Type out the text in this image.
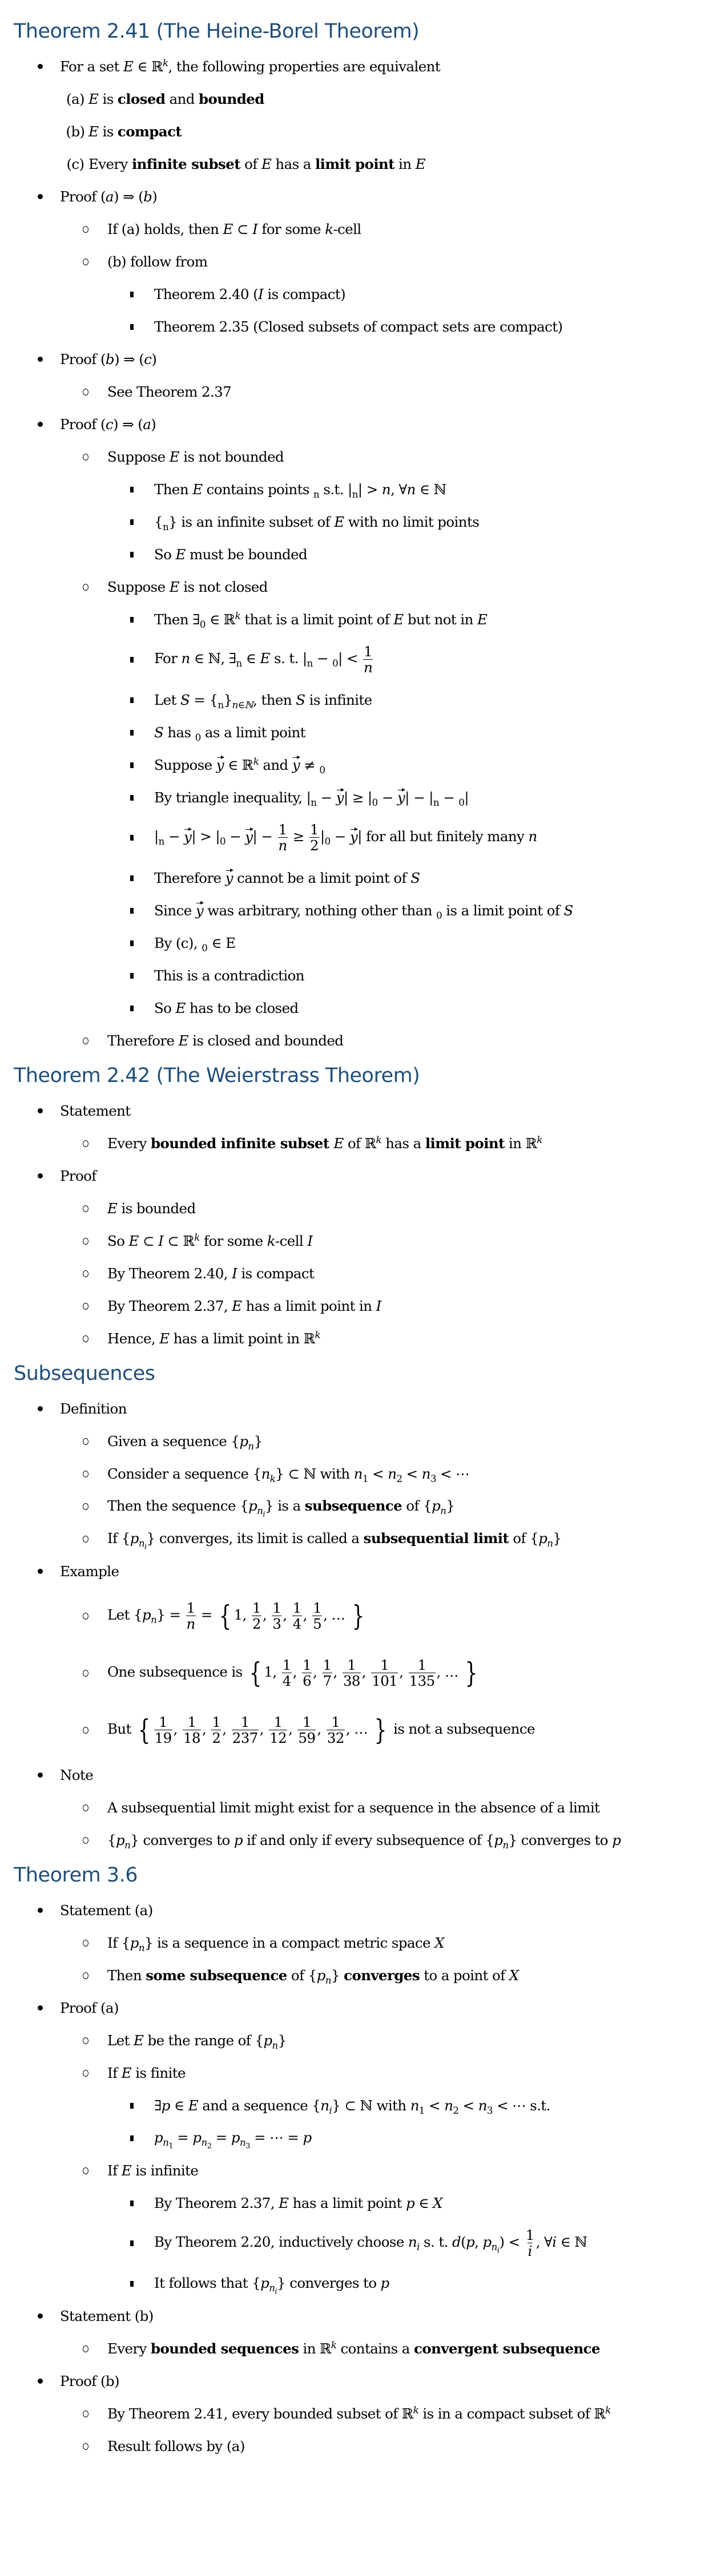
Theorem 2.41 (The Heine-Borel Theorem)
For a set E ∈ ℝ$^k$, the following properties are equivalent
(a) E is closed and bounded
(b) E is compact
(c) Every infinite subset of E has a limit point in E
Proof (a) ⇒ (b)
If (a) holds, then E ⊂ I for some k-cell
(b) follow from
Theorem 2.40 (I is compact)
Theorem 2.35 (Closed subsets of compact sets are compact)
Proof (b) ⇒ (c)
See Theorem 2.37
Proof (c) ⇒ (a)
Suppose E is not bounded
Then E contains points $_n$ s.t. $|_n| > n$, ∀n ∈ ℕ
$\{_n\}$ is an infinite subset of E with no limit points
So E must be bounded
Suppose E is not closed
Then $\exists_0$ ∈ ℝ$^k$ that is a limit point of E but not in E
For n ∈ ℕ, $\exists_n$ ∈ E s. t. $|_n - _0| < \frac{1}{n}$
Let $S = \{_n\}_{n\in ℕ}$, then S is infinite
S has $_0$ as a limit point
Suppose y ∈ ℝ$^k$ and y ≠ $_0$
By triangle inequality, $|_n - y| \ge |_0 - y| - |_n - _0|$
$|_n - y| > |_0 - y| - \frac{1}{n} \ge \frac{1}{2} |_0 - y|$ for all but finitely many n
Therefore y cannot be a limit point of S
Since y was arbitrary, nothing other than $_0$ is a limit point of S
By (c), $_0$ ∈ E
This is a contradiction
So E has to be closed
Therefore E is closed and bounded
Theorem 2.42 (The Weierstrass Theorem)
Statement
Every bounded infinite subset E of ℝ$^k$ has a limit point in ℝ$^k$
Proof
E is bounded
So E ⊂ I ⊂ ℝ$^k$ for some k-cell I
By Theorem 2.40, I is compact
By Theorem 2.37, E has a limit point in I
Hence, E has a limit point in ℝ$^k$
Subsequences
Definition
Given a sequence $\{p_n\}$
Consider a sequence $\{n_k\}$ ⊂ ℕ with $n_1 < n_2 < n_3$ < ⋯
Then the sequence $\{p_{n_i}\}$ is a subsequence of $\{p_n\}$
If $\{p_{n_i}\}$ converges, its limit is called a subsequential limit of $\{p_n\}$
Example
Let $\{p_n\} = \frac{1}{n}$ = { 1, $\frac{1}{2}$ , $\frac{1}{3}$ , $\frac{1}{4}$ , $\frac{1}{5}$ , … }
One subsequence is { 1, $\frac{1}{4}$ , $\frac{1}{6}$ , $\frac{1}{7}$ , $\frac{1}{38}$ , $\frac{1}{101}$ , $\frac{1}{135}$ , … }
But { $\frac{1}{19}$ , $\frac{1}{18}$ , $\frac{1}{2}$ , $\frac{1}{237}$ , $\frac{1}{12}$ , $\frac{1}{59}$ , $\frac{1}{32}$ , … } is not a subsequence
Note
A subsequential limit might exist for a sequence in the absence of a limit
$\{p_n\}$ converges to p if and only if every subsequence of $\{p_n\}$ converges to p
Theorem 3.6
Statement (a)
If $\{p_n\}$ is a sequence in a compact metric space X
Then some subsequence of $\{p_n\}$ converges to a point of X
Proof (a)
Let E be the range of $\{p_n\}$
If E is finite
∃p ∈ E and a sequence $\{n_i\}$ ⊂ ℕ with $n_1 < n_2 < n_3$ < ⋯ s.t.
$p_{n_1} = p_{n_2} = p_{n_3}$ = ⋯ = p
If E is infinite
By Theorem 2.37, E has a limit point p ∈ X
By Theorem 2.20, inductively choose $n_i$ s. t. d(p, $p_{n_i}) < \frac{1}{i}$ , ∀i ∈ ℕ
It follows that $\{p_{n_i}\}$ converges to p
Statement (b)
Every bounded sequences in ℝ$^k$ contains a convergent subsequence
Proof (b)
By Theorem 2.41, every bounded subset of ℝ$^k$ is in a compact subset of ℝ$^k$
Result follows by (a)
